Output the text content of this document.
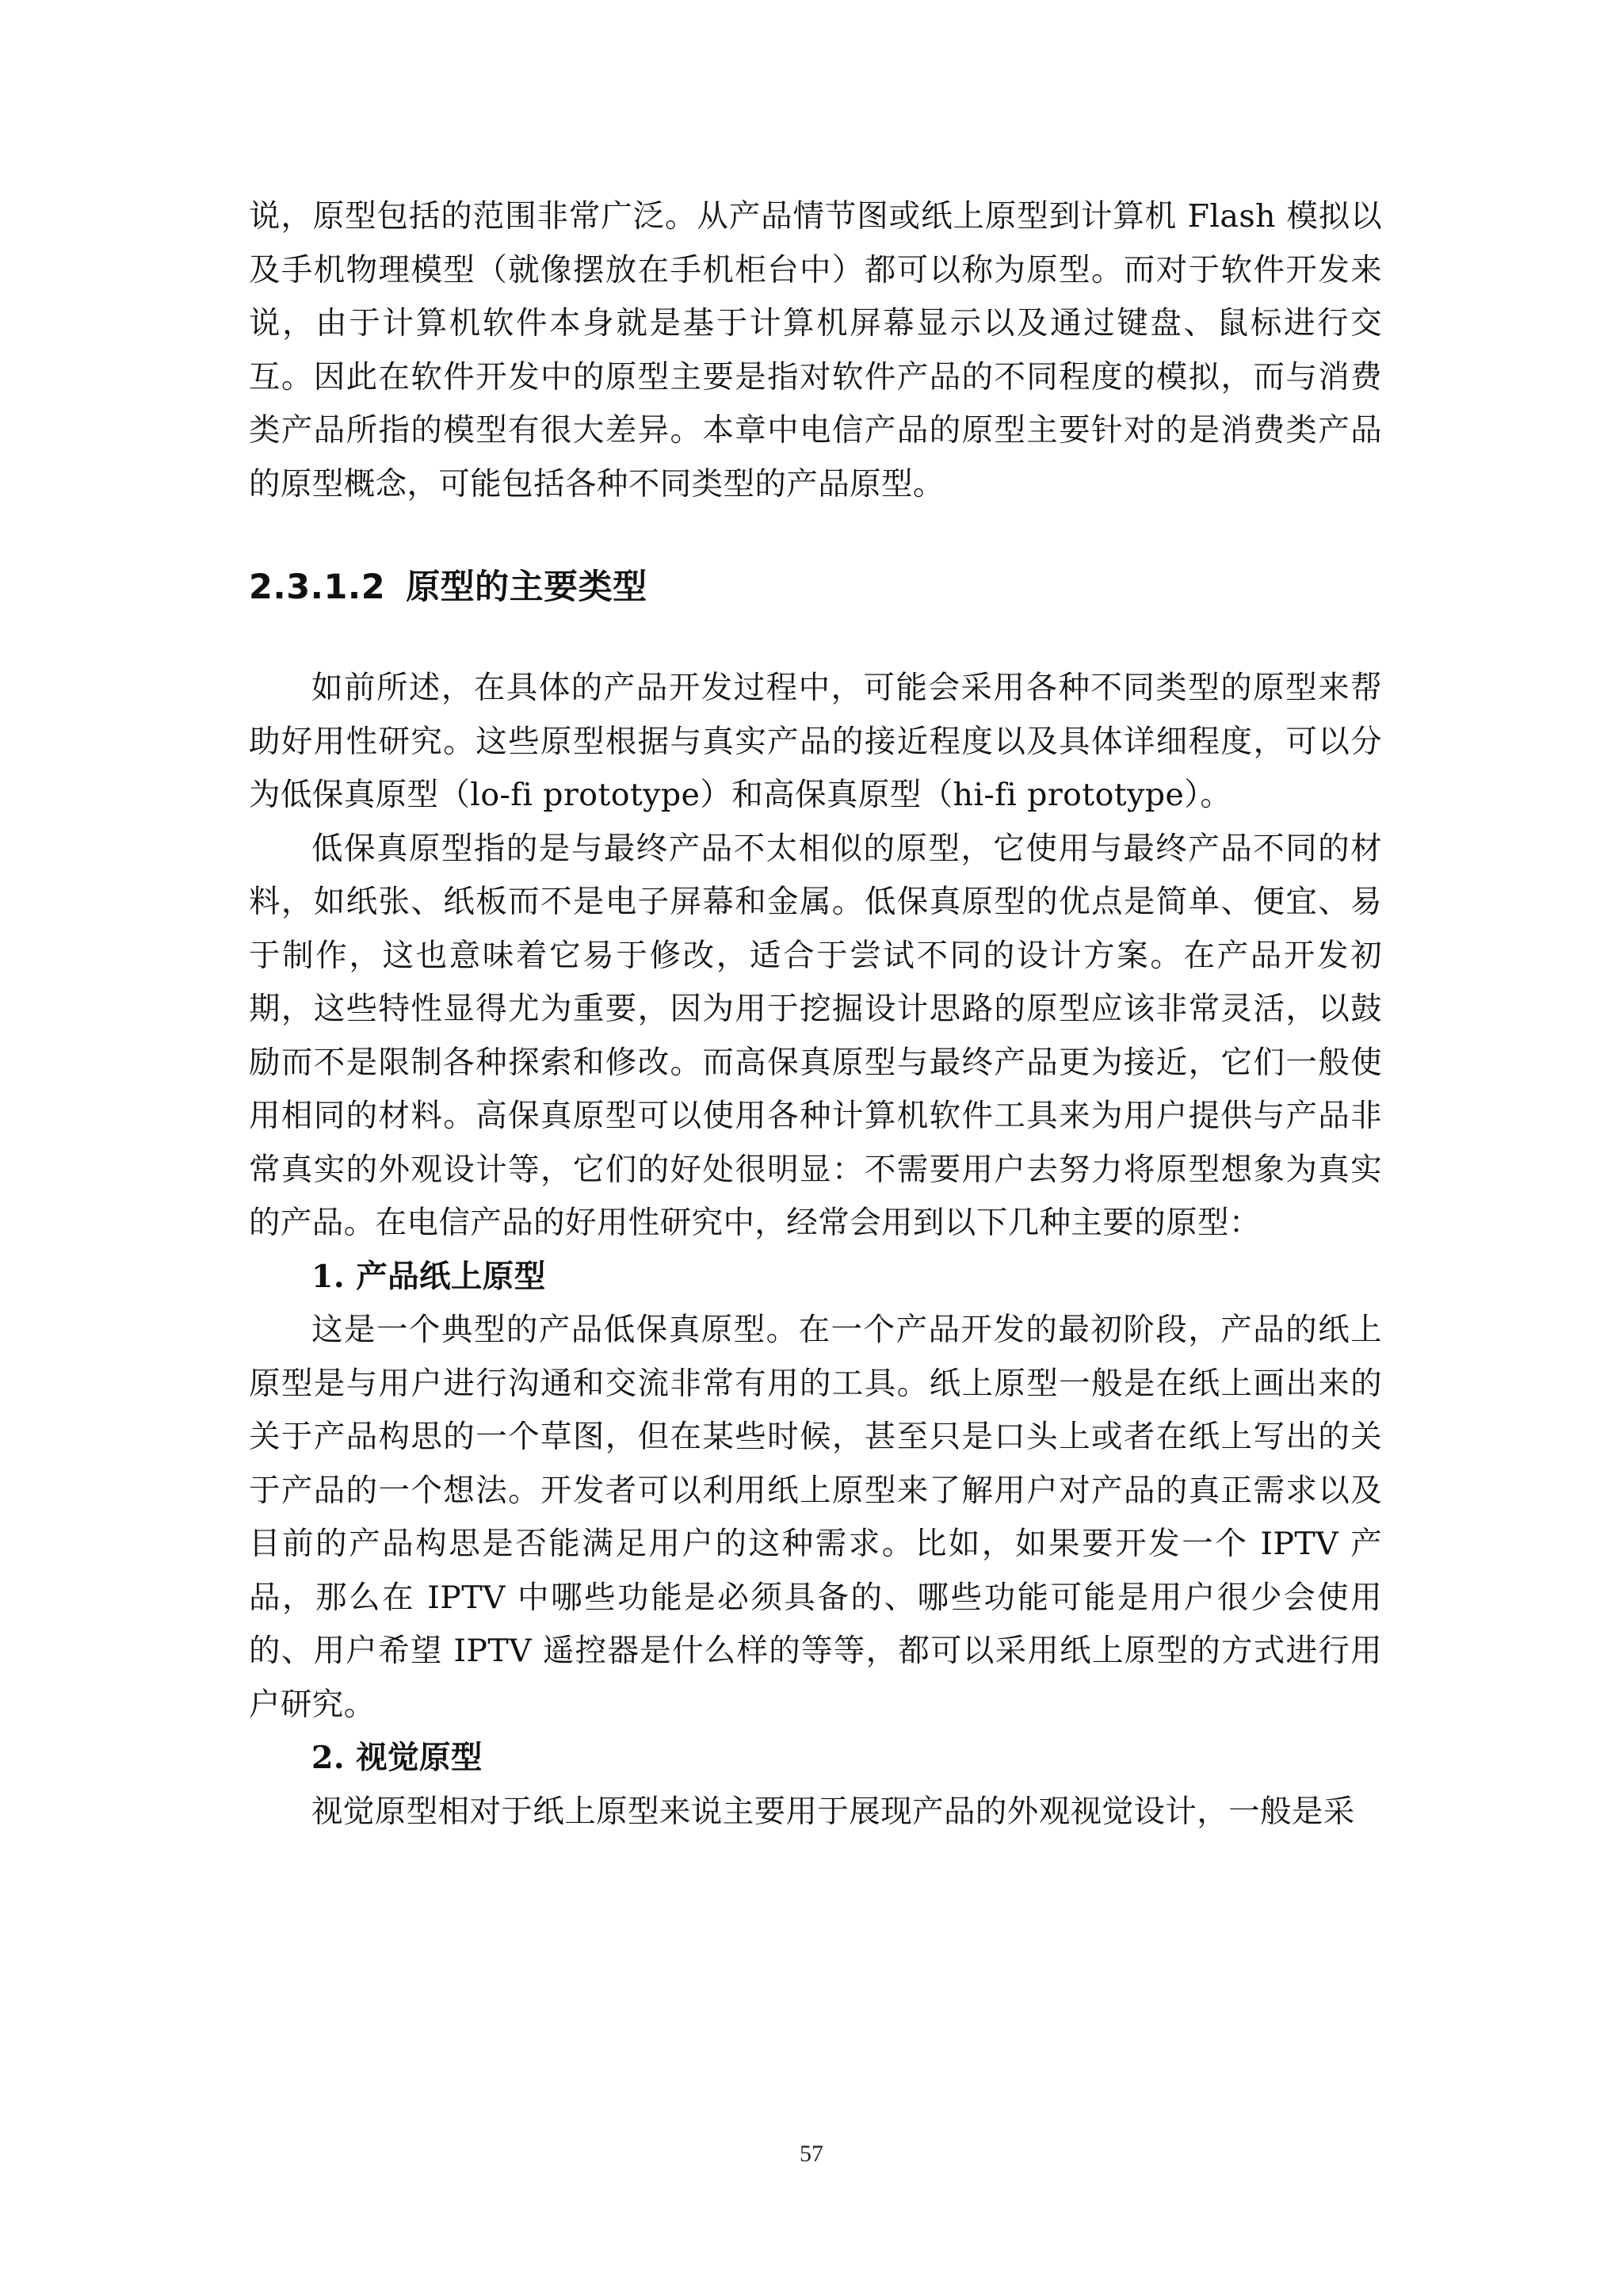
说，原型包括的范围非常广泛。从产品情节图或纸上原型到计算机 Flash 模拟以及手机物理模型（就像摆放在手机柜台中）都可以称为原型。而对于软件开发来说，由于计算机软件本身就是基于计算机屏幕显示以及通过键盘、鼠标进行交互。因此在软件开发中的原型主要是指对软件产品的不同程度的模拟，而与消费类产品所指的模型有很大差异。本章中电信产品的原型主要针对的是消费类产品的原型概念，可能包括各种不同类型的产品原型。

2.3.1.2 原型的主要类型

如前所述，在具体的产品开发过程中，可能会采用各种不同类型的原型来帮助好用性研究。这些原型根据与真实产品的接近程度以及具体详细程度，可以分为低保真原型（lo-fi prototype）和高保真原型（hi-fi prototype）。

低保真原型指的是与最终产品不太相似的原型，它使用与最终产品不同的材料，如纸张、纸板而不是电子屏幕和金属。低保真原型的优点是简单、便宜、易于制作，这也意味着它易于修改，适合于尝试不同的设计方案。在产品开发初期，这些特性显得尤为重要，因为用于挖掘设计思路的原型应该非常灵活，以鼓励而不是限制各种探索和修改。而高保真原型与最终产品更为接近，它们一般使用相同的材料。高保真原型可以使用各种计算机软件工具来为用户提供与产品非常真实的外观设计等，它们的好处很明显：不需要用户去努力将原型想象为真实的产品。在电信产品的好用性研究中，经常会用到以下几种主要的原型：

1. 产品纸上原型

这是一个典型的产品低保真原型。在一个产品开发的最初阶段，产品的纸上原型是与用户进行沟通和交流非常有用的工具。纸上原型一般是在纸上画出来的关于产品构思的一个草图，但在某些时候，甚至只是口头上或者在纸上写出的关于产品的一个想法。开发者可以利用纸上原型来了解用户对产品的真正需求以及目前的产品构思是否能满足用户的这种需求。比如，如果要开发一个 IPTV 产品，那么在 IPTV 中哪些功能是必须具备的、哪些功能可能是用户很少会使用的、用户希望 IPTV 遥控器是什么样的等等，都可以采用纸上原型的方式进行用户研究。

2. 视觉原型

视觉原型相对于纸上原型来说主要用于展现产品的外观视觉设计，一般是采

57
